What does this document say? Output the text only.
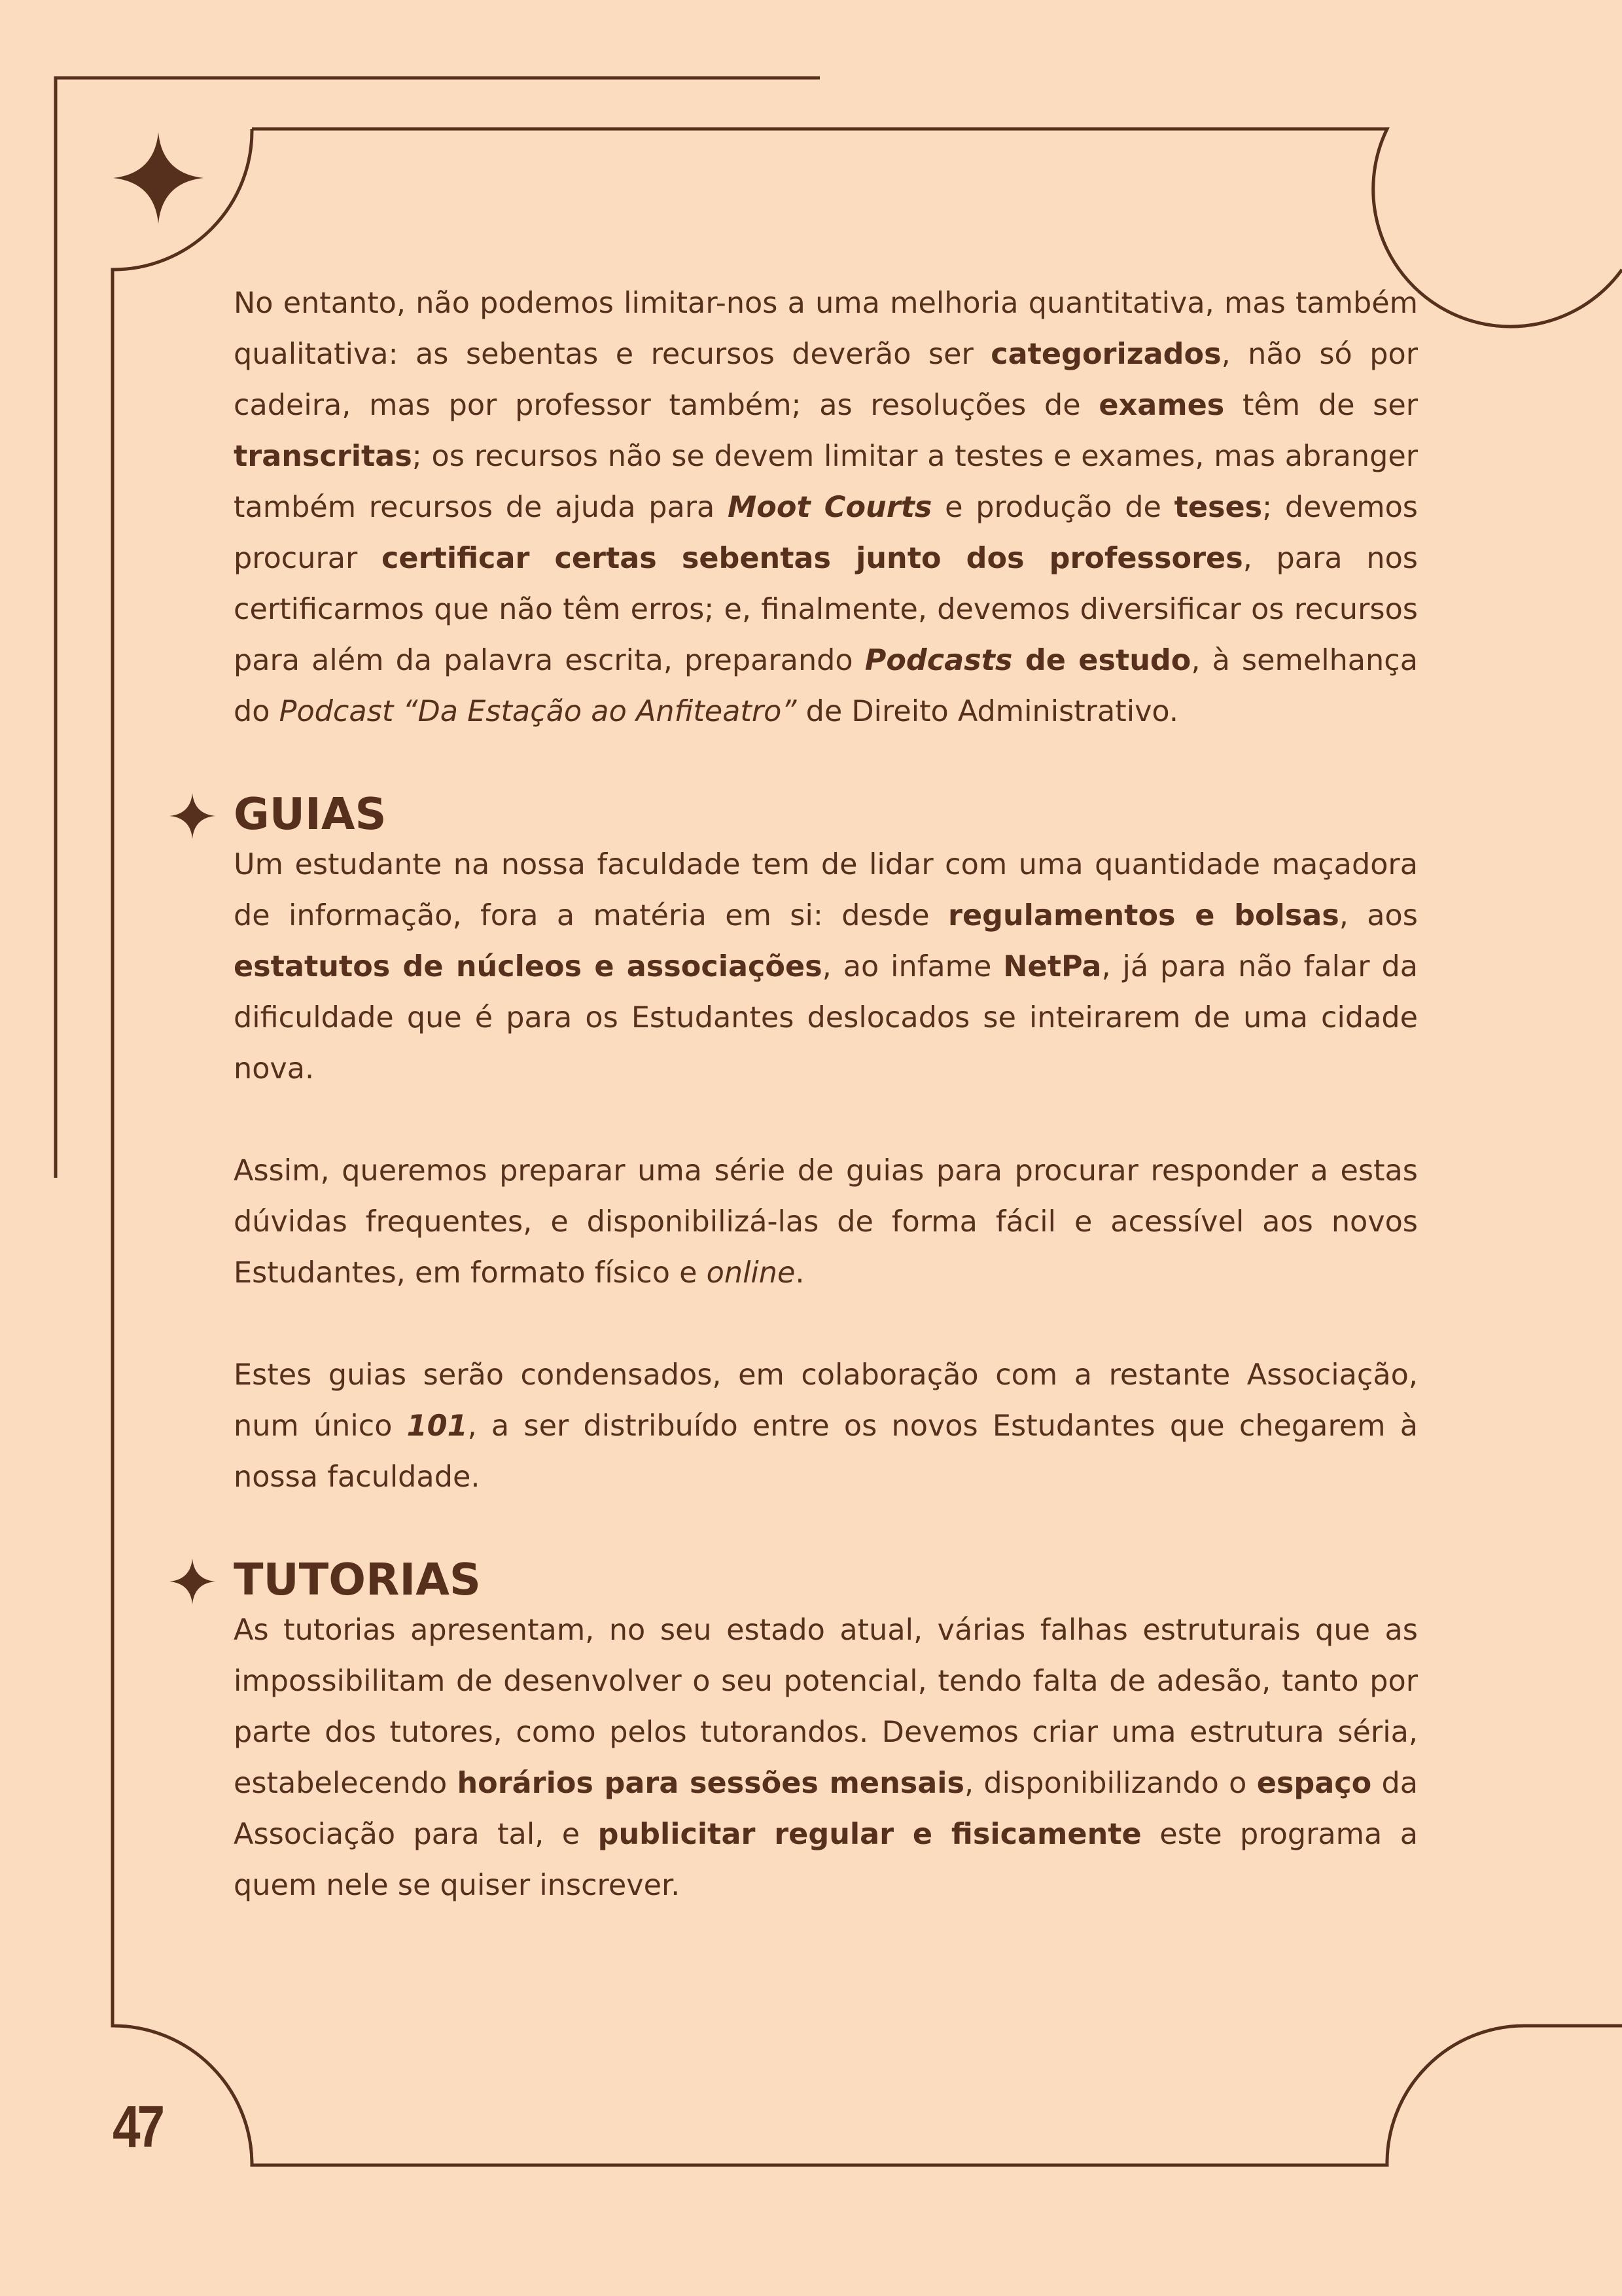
No entanto, não podemos limitar-nos a uma melhoria quantitativa, mas também qualitativa: as sebentas e recursos deverão ser categorizados, não só por cadeira, mas por professor também; as resoluções de exames têm de ser transcritas; os recursos não se devem limitar a testes e exames, mas abranger também recursos de ajuda para Moot Courts e produção de teses; devemos procurar certificar certas sebentas junto dos professores, para nos certificarmos que não têm erros; e, finalmente, devemos diversificar os recursos para além da palavra escrita, preparando Podcasts de estudo, à semelhança do Podcast “Da Estação ao Anfiteatro” de Direito Administrativo.

GUIAS

Um estudante na nossa faculdade tem de lidar com uma quantidade maçadora de informação, fora a matéria em si: desde regulamentos e bolsas, aos estatutos de núcleos e associações, ao infame NetPa, já para não falar da dificuldade que é para os Estudantes deslocados se inteirarem de uma cidade nova.

Assim, queremos preparar uma série de guias para procurar responder a estas dúvidas frequentes, e disponibilizá-las de forma fácil e acessível aos novos Estudantes, em formato físico e online.

Estes guias serão condensados, em colaboração com a restante Associação, num único 101, a ser distribuído entre os novos Estudantes que chegarem à nossa faculdade.

TUTORIAS

As tutorias apresentam, no seu estado atual, várias falhas estruturais que as impossibilitam de desenvolver o seu potencial, tendo falta de adesão, tanto por parte dos tutores, como pelos tutorandos. Devemos criar uma estrutura séria, estabelecendo horários para sessões mensais, disponibilizando o espaço da Associação para tal, e publicitar regular e fisicamente este programa a quem nele se quiser inscrever.

47
